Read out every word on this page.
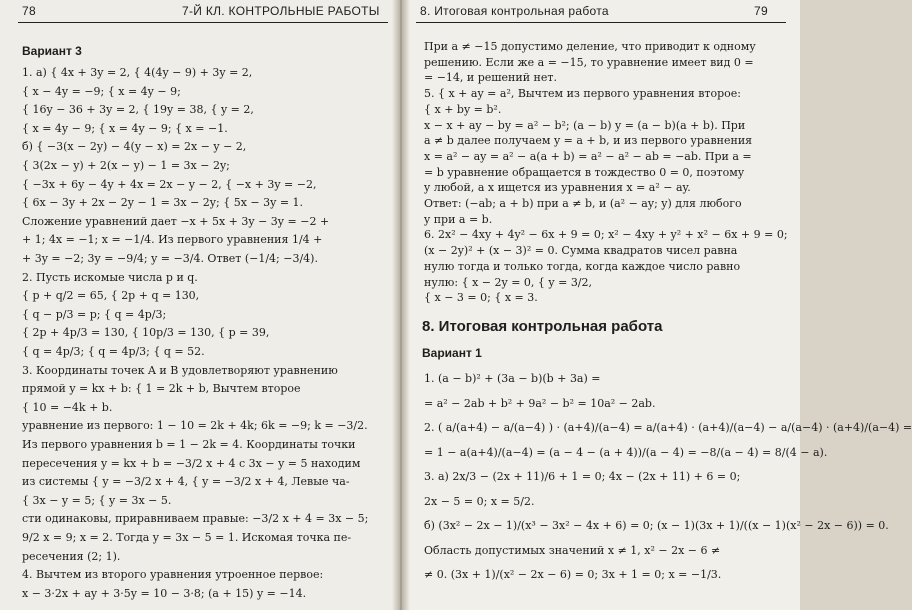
78	7-Й КЛ. КОНТРОЛЬНЫЕ РАБОТЫ
Вариант 3
1. а) { 4x + 3y = 2, { 4(4y − 9) + 3y = 2,
{ x − 4y = −9; { x = 4y − 9;
{ 16y − 36 + 3y = 2, { 19y = 38, { y = 2,
{ x = 4y − 9; { x = 4y − 9; { x = −1.
б) { −3(x − 2y) − 4(y − x) = 2x − y − 2,
{ 3(2x − y) + 2(x − y) − 1 = 3x − 2y;
{ −3x + 6y − 4y + 4x = 2x − y − 2, { −x + 3y = −2,
{ 6x − 3y + 2x − 2y − 1 = 3x − 2y; { 5x − 3y = 1.
Сложение уравнений дает −x + 5x + 3y − 3y = −2 +
+ 1; 4x = −1; x = −1/4. Из первого уравнения 1/4 +
+ 3y = −2; 3y = −9/4; y = −3/4. Ответ (−1/4; −3/4).
2. Пусть искомые числа p и q.
{ p + q/2 = 65, { 2p + q = 130,
{ q − p/3 = p; { q = 4p/3;
{ 2p + 4p/3 = 130, { 10p/3 = 130, { p = 39,
{ q = 4p/3; { q = 4p/3; { q = 52.
3. Координаты точек A и B удовлетворяют уравнению
прямой y = kx + b: { 1 = 2k + b, Вычтем второе
{ 10 = −4k + b.
уравнение из первого: 1 − 10 = 2k + 4k; 6k = −9; k = −3/2.
Из первого уравнения b = 1 − 2k = 4. Координаты точки
пересечения y = kx + b = −3/2 x + 4 с 3x − y = 5 находим
из системы { y = −3/2 x + 4, { y = −3/2 x + 4, Левые ча-
{ 3x − y = 5; { y = 3x − 5.
сти одинаковы, приравниваем правые: −3/2 x + 4 = 3x − 5;
9/2 x = 9; x = 2. Тогда y = 3x − 5 = 1. Искомая точка пе-
ресечения (2; 1).
4. Вычтем из второго уравнения утроенное первое:
x − 3·2x + ay + 3·5y = 10 − 3·8; (a + 15) y = −14.
8. Итоговая контрольная работа	79
При a ≠ −15 допустимо деление, что приводит к одному
решению. Если же a = −15, то уравнение имеет вид 0 =
= −14, и решений нет.
5. { x + ay = a², Вычтем из первого уравнения второе:
{ x + by = b².
x − x + ay − by = a² − b²; (a − b) y = (a − b)(a + b). При
a ≠ b далее получаем y = a + b, и из первого уравнения
x = a² − ay = a² − a(a + b) = a² − a² − ab = −ab. При a =
= b уравнение обращается в тождество 0 = 0, поэтому
y любой, а x ищется из уравнения x = a² − ay.
Ответ: (−ab; a + b) при a ≠ b, и (a² − ay; y) для любого
y при a = b.
6. 2x² − 4xy + 4y² − 6x + 9 = 0; x² − 4xy + y² + x² − 6x + 9 = 0;
(x − 2y)² + (x − 3)² = 0. Сумма квадратов чисел равна
нулю тогда и только тогда, когда каждое число равно
нулю: { x − 2y = 0, { y = 3/2,
{ x − 3 = 0; { x = 3.
8. Итоговая контрольная работа
Вариант 1
1. (a − b)² + (3a − b)(b + 3a) =
= a² − 2ab + b² + 9a² − b² = 10a² − 2ab.
2. ( a/(a+4) − a/(a−4) ) · (a+4)/(a−4) = a/(a+4) · (a+4)/(a−4) − a/(a−4) · (a+4)/(a−4) =
= 1 − a(a+4)/(a−4) = (a − 4 − (a + 4))/(a − 4) = −8/(a − 4) = 8/(4 − a).
3. а) 2x/3 − (2x + 11)/6 + 1 = 0; 4x − (2x + 11) + 6 = 0;
2x − 5 = 0; x = 5/2.
б) (3x² − 2x − 1)/(x³ − 3x² − 4x + 6) = 0; (x − 1)(3x + 1)/((x − 1)(x² − 2x − 6)) = 0.
Область допустимых значений x ≠ 1, x² − 2x − 6 ≠
≠ 0. (3x + 1)/(x² − 2x − 6) = 0; 3x + 1 = 0; x = −1/3.
